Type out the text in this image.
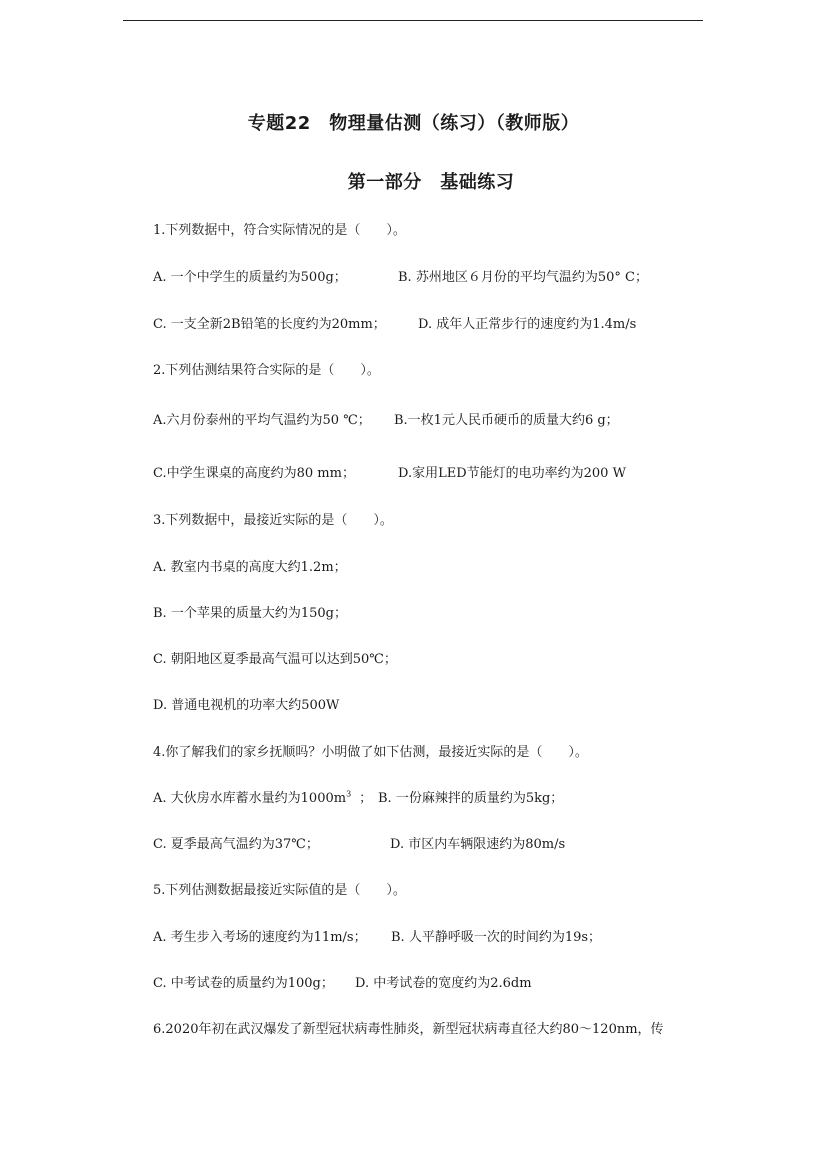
专题22　物理量估测（练习）（教师版）
第一部分　基础练习
1.下列数据中，符合实际情况的是（　　）。
A. 一个中学生的质量约为500g；	B. 苏州地区６月份的平均气温约为50° C；
C. 一支全新2B铅笔的长度约为20mm； D. 成年人正常步行的速度约为1.4m/s
2.下列估测结果符合实际的是（　　）。
A.六月份泰州的平均气温约为50 ℃； B.一枚1元人民币硬币的质量大约6 g；
C.中学生课桌的高度约为80 mm；	D.家用LED节能灯的电功率约为200 W
3.下列数据中，最接近实际的是（　　）。
A. 教室内书桌的高度大约1.2m；
B. 一个苹果的质量大约为150g；
C. 朝阳地区夏季最高气温可以达到50℃；
D. 普通电视机的功率大约500W
4.你了解我们的家乡抚顺吗？小明做了如下估测，最接近实际的是（　　）。
A. 大伙房水库蓄水量约为$1000m^3$ ； B. 一份麻辣拌的质量约为5kg；
C. 夏季最高气温约为37℃；	D. 市区内车辆限速约为80m/s
5.下列估测数据最接近实际值的是（　　）。
A. 考生步入考场的速度约为11m/s； B. 人平静呼吸一次的时间约为19s；
C. 中考试卷的质量约为100g； D. 中考试卷的宽度约为2.6dm
6.2020年初在武汉爆发了新型冠状病毒性肺炎，新型冠状病毒直径大约80～120nm，传
